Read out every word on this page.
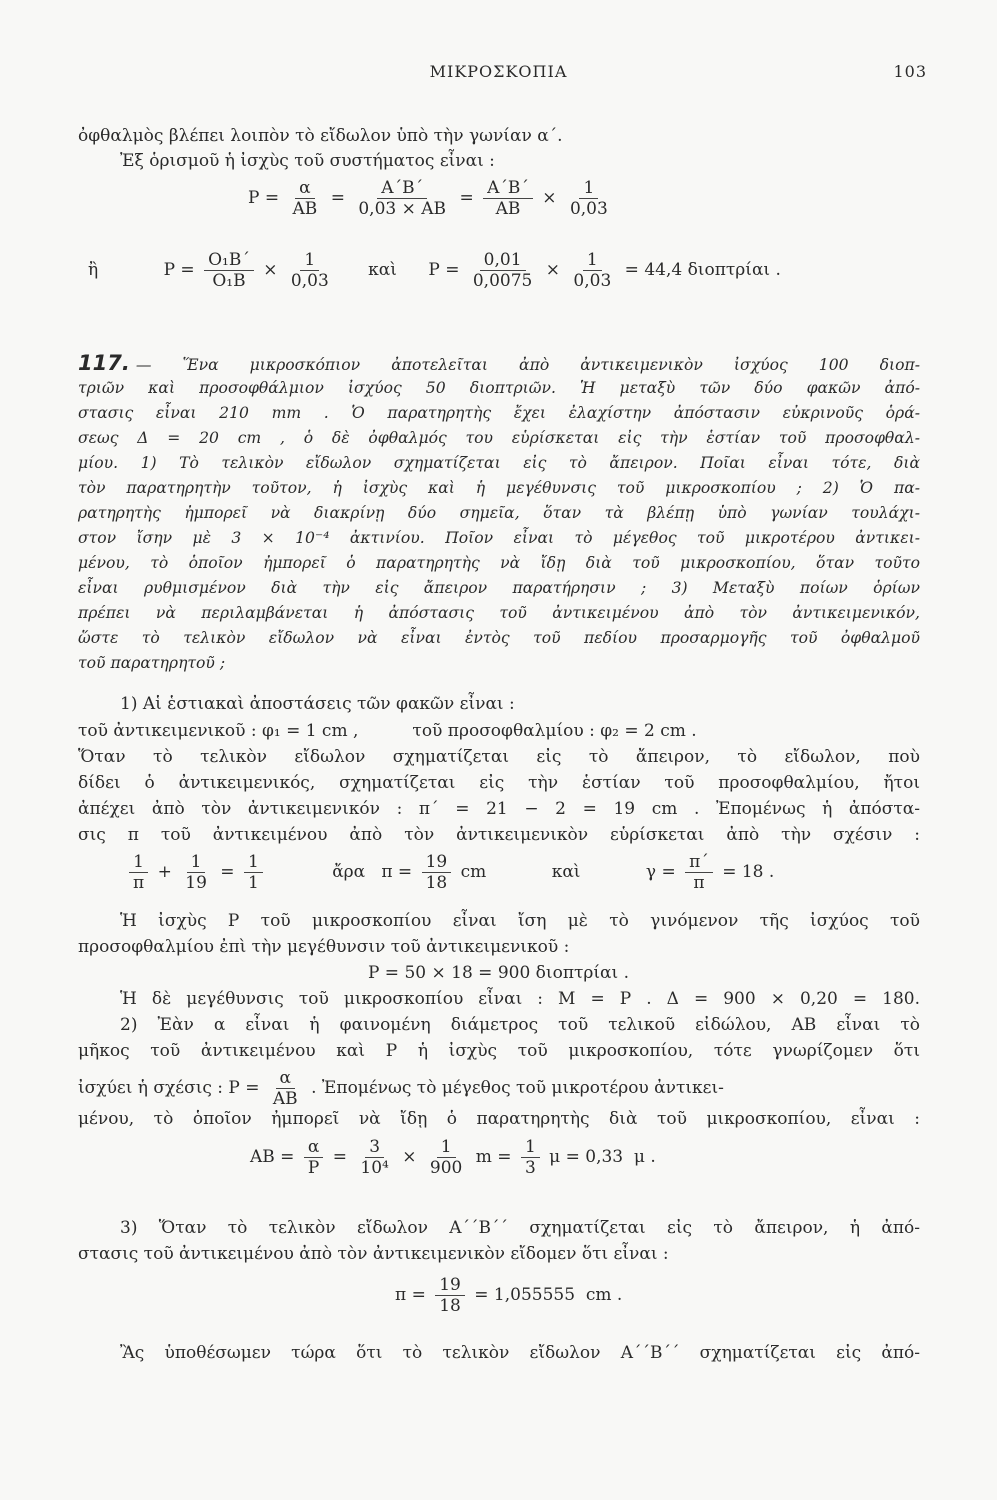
ΜΙΚΡΟΣΚΟΠΙΑ	103
ὀφθαλμὸς βλέπει λοιπὸν τὸ εἴδωλον ὑπὸ τὴν γωνίαν α΄.
Ἐξ ὁρισμοῦ ἡ ἰσχὺς τοῦ συστήματος εἶναι :
$P = \frac{\alpha}{AB} = \frac{A΄B΄}{0,03 \times AB} = \frac{A΄B΄}{AB} \times \frac{1}{0,03}$
ἢ	$P = \frac{\text{O₁B΄}}{\text{O₁B}} \times \frac{1}{0,03}$ καὶ $P = \frac{0,01}{0,0075} \times \frac{1}{0,03} = 44,4$ διοπτρίαι .
117. — Ἕνα μικροσκόπιον ἀποτελεῖται ἀπὸ ἀντικειμενικὸν ἰσχύος 100 διοπ-
τριῶν καὶ προσοφθάλμιον ἰσχύος 50 διοπτριῶν. Ἡ μεταξὺ τῶν δύο φακῶν ἀπό-
στασις εἶναι 210 mm . Ὁ παρατηρητὴς ἔχει ἐλαχίστην ἀπόστασιν εὐκρινοῦς ὁρά-
σεως Δ = 20 cm , ὁ δὲ ὀφθαλμός του εὑρίσκεται εἰς τὴν ἑστίαν τοῦ προσοφθαλ-
μίου. 1) Τὸ τελικὸν εἴδωλον σχηματίζεται εἰς τὸ ἄπειρον. Ποῖαι εἶναι τότε, διὰ
τὸν παρατηρητὴν τοῦτον, ἡ ἰσχὺς καὶ ἡ μεγέθυνσις τοῦ μικροσκοπίου ; 2) Ὁ πα-
ρατηρητὴς ἠμπορεῖ νὰ διακρίνῃ δύο σημεῖα, ὅταν τὰ βλέπῃ ὑπὸ γωνίαν τουλάχι-
στον ἴσην μὲ 3 × 10⁻⁴ ἀκτινίου. Ποῖον εἶναι τὸ μέγεθος τοῦ μικροτέρου ἀντικει-
μένου, τὸ ὁποῖον ἠμπορεῖ ὁ παρατηρητὴς νὰ ἴδῃ διὰ τοῦ μικροσκοπίου, ὅταν τοῦτο
εἶναι ρυθμισμένον διὰ τὴν εἰς ἄπειρον παρατήρησιν ; 3) Μεταξὺ ποίων ὁρίων
πρέπει νὰ περιλαμβάνεται ἡ ἀπόστασις τοῦ ἀντικειμένου ἀπὸ τὸν ἀντικειμενικόν,
ὥστε τὸ τελικὸν εἴδωλον νὰ εἶναι ἐντὸς τοῦ πεδίου προσαρμογῆς τοῦ ὀφθαλμοῦ
τοῦ παρατηρητοῦ ;
1) Αἱ ἑστιακαὶ ἀποστάσεις τῶν φακῶν εἶναι :
τοῦ ἀντικειμενικοῦ : φ₁ = 1 cm ,          τοῦ προσοφθαλμίου : φ₂ = 2 cm .
Ὅταν τὸ τελικὸν εἴδωλον σχηματίζεται εἰς τὸ ἄπειρον, τὸ εἴδωλον, ποὺ
δίδει ὁ ἀντικειμενικός, σχηματίζεται εἰς τὴν ἑστίαν τοῦ προσοφθαλμίου, ἤτοι
ἀπέχει ἀπὸ τὸν ἀντικειμενικόν : π΄ = 21 − 2 = 19 cm . Ἐπομένως ἡ ἀπόστα-
σις π τοῦ ἀντικειμένου ἀπὸ τὸν ἀντικειμενικὸν εὑρίσκεται ἀπὸ τὴν σχέσιν :
$\frac{1}{\pi} + \frac{1}{19} = \frac{1}{1}$	ἄρα   $\pi = \frac{19}{18}$ cm	καὶ	$\gamma = \frac{\pi΄}{\pi} = 18$ .
Ἡ ἰσχὺς P τοῦ μικροσκοπίου εἶναι ἴση μὲ τὸ γινόμενον τῆς ἰσχύος τοῦ
προσοφθαλμίου ἐπὶ τὴν μεγέθυνσιν τοῦ ἀντικειμενικοῦ :
P = 50 × 18 = 900 διοπτρίαι .
Ἡ δὲ μεγέθυνσις τοῦ μικροσκοπίου εἶναι : M = P . Δ = 900 × 0,20 = 180.
2) Ἐὰν α εἶναι ἡ φαινομένη διάμετρος τοῦ τελικοῦ εἰδώλου, AB εἶναι τὸ
μῆκος τοῦ ἀντικειμένου καὶ P ἡ ἰσχὺς τοῦ μικροσκοπίου, τότε γνωρίζομεν ὅτι
ἰσχύει ἡ σχέσις : $P = \frac{\alpha}{AB}$ . Ἐπομένως τὸ μέγεθος τοῦ μικροτέρου ἀντικει-
μένου, τὸ ὁποῖον ἠμπορεῖ νὰ ἴδῃ ὁ παρατηρητὴς διὰ τοῦ μικροσκοπίου, εἶναι :
AB = $\frac{\alpha}{P} = \frac{3}{\text{10⁴}} \times \frac{1}{900}$ $m = \frac{1}{3}$ μ = 0,33  μ .
3) Ὅταν τὸ τελικὸν εἴδωλον A΄΄B΄΄ σχηματίζεται εἰς τὸ ἄπειρον, ἡ ἀπό-
στασις τοῦ ἀντικειμένου ἀπὸ τὸν ἀντικειμενικὸν εἴδομεν ὅτι εἶναι :
$\pi = \frac{19}{18} = 1,055555$  cm .
Ἂς ὑποθέσωμεν τώρα ὅτι τὸ τελικὸν εἴδωλον A΄΄B΄΄ σχηματίζεται εἰς ἀπό-
